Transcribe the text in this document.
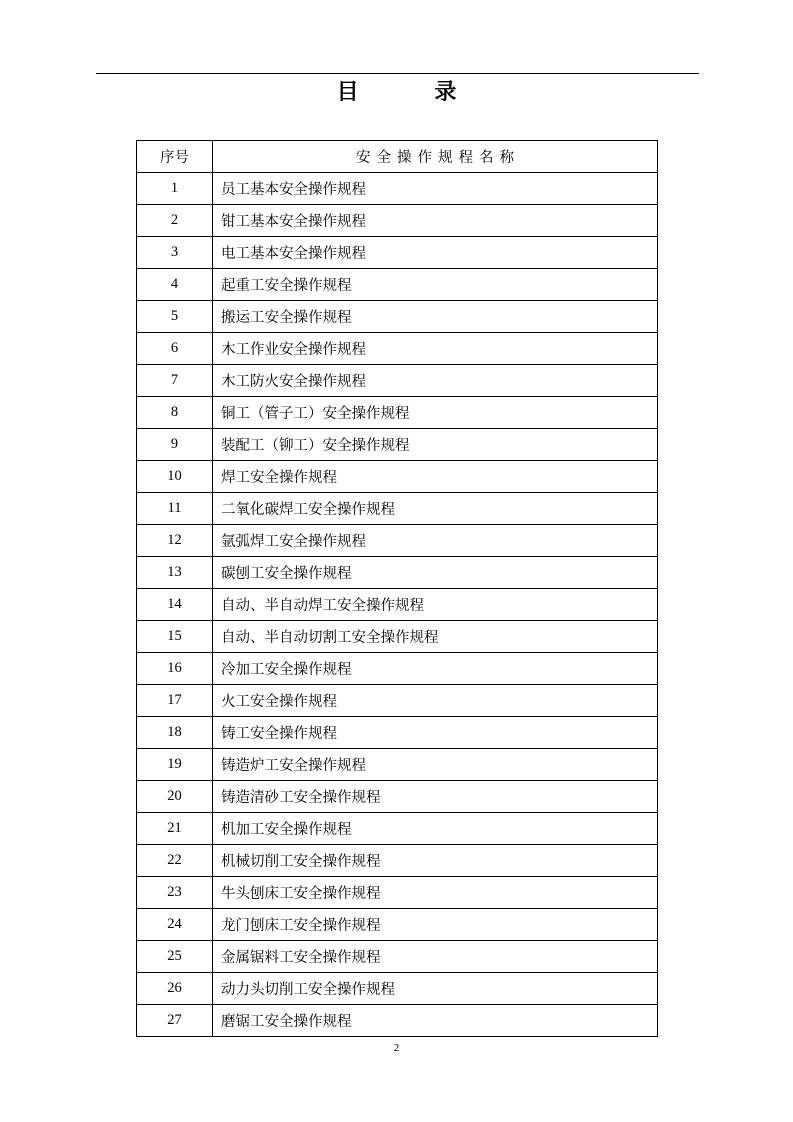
目 录
序号	安全操作规程名称
1	员工基本安全操作规程
2	钳工基本安全操作规程
3	电工基本安全操作规程
4	起重工安全操作规程
5	搬运工安全操作规程
6	木工作业安全操作规程
7	木工防火安全操作规程
8	铜工（管子工）安全操作规程
9	装配工（铆工）安全操作规程
10	焊工安全操作规程
11	二氧化碳焊工安全操作规程
12	氩弧焊工安全操作规程
13	碳刨工安全操作规程
14	自动、半自动焊工安全操作规程
15	自动、半自动切割工安全操作规程
16	冷加工安全操作规程
17	火工安全操作规程
18	铸工安全操作规程
19	铸造炉工安全操作规程
20	铸造清砂工安全操作规程
21	机加工安全操作规程
22	机械切削工安全操作规程
23	牛头刨床工安全操作规程
24	龙门刨床工安全操作规程
25	金属锯料工安全操作规程
26	动力头切削工安全操作规程
27	磨锯工安全操作规程
2
